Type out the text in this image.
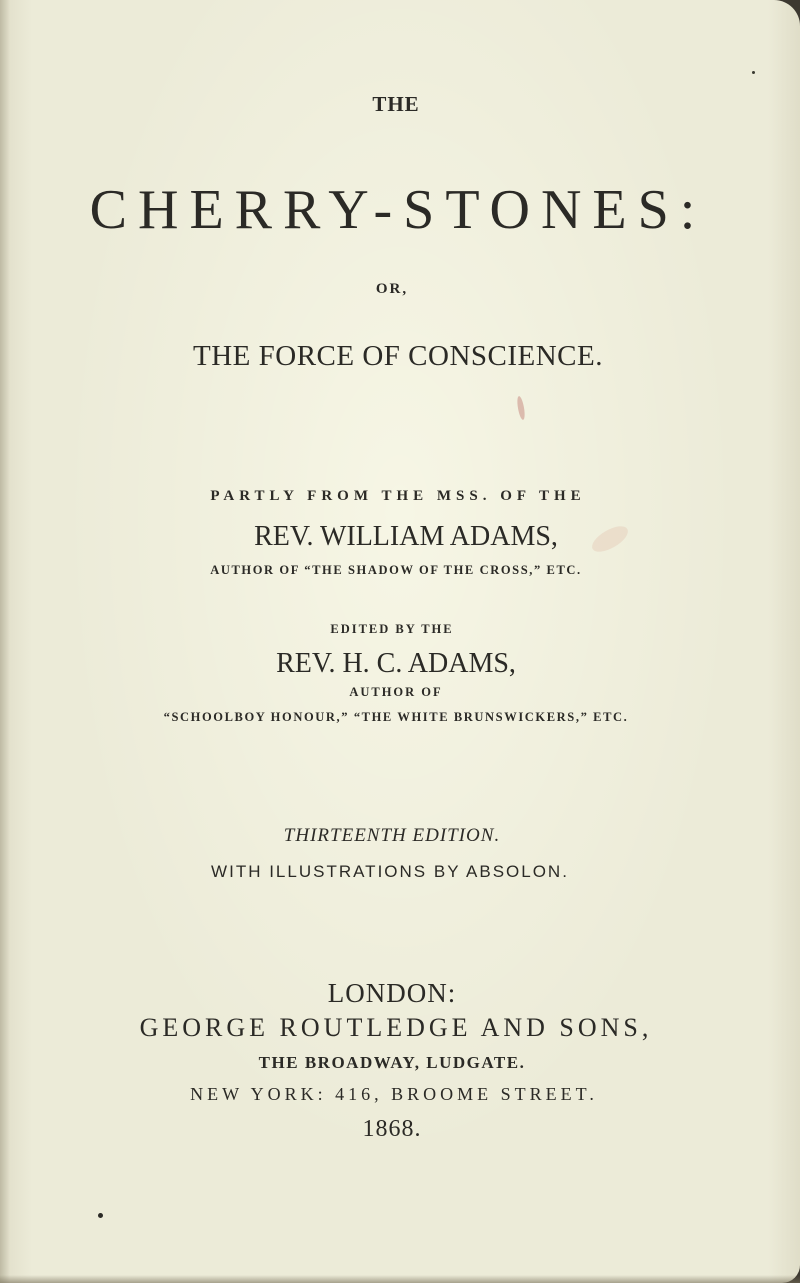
THE
CHERRY-STONES:
OR,
THE FORCE OF CONSCIENCE.
PARTLY FROM THE MSS. OF THE
REV. WILLIAM ADAMS,
AUTHOR OF “THE SHADOW OF THE CROSS,” ETC.
EDITED BY THE
REV. H. C. ADAMS,
AUTHOR OF
“SCHOOLBOY HONOUR,” “THE WHITE BRUNSWICKERS,” ETC.
THIRTEENTH EDITION.
WITH ILLUSTRATIONS BY ABSOLON.
LONDON:
GEORGE ROUTLEDGE AND SONS,
THE BROADWAY, LUDGATE.
NEW YORK: 416, BROOME STREET.
1868.
